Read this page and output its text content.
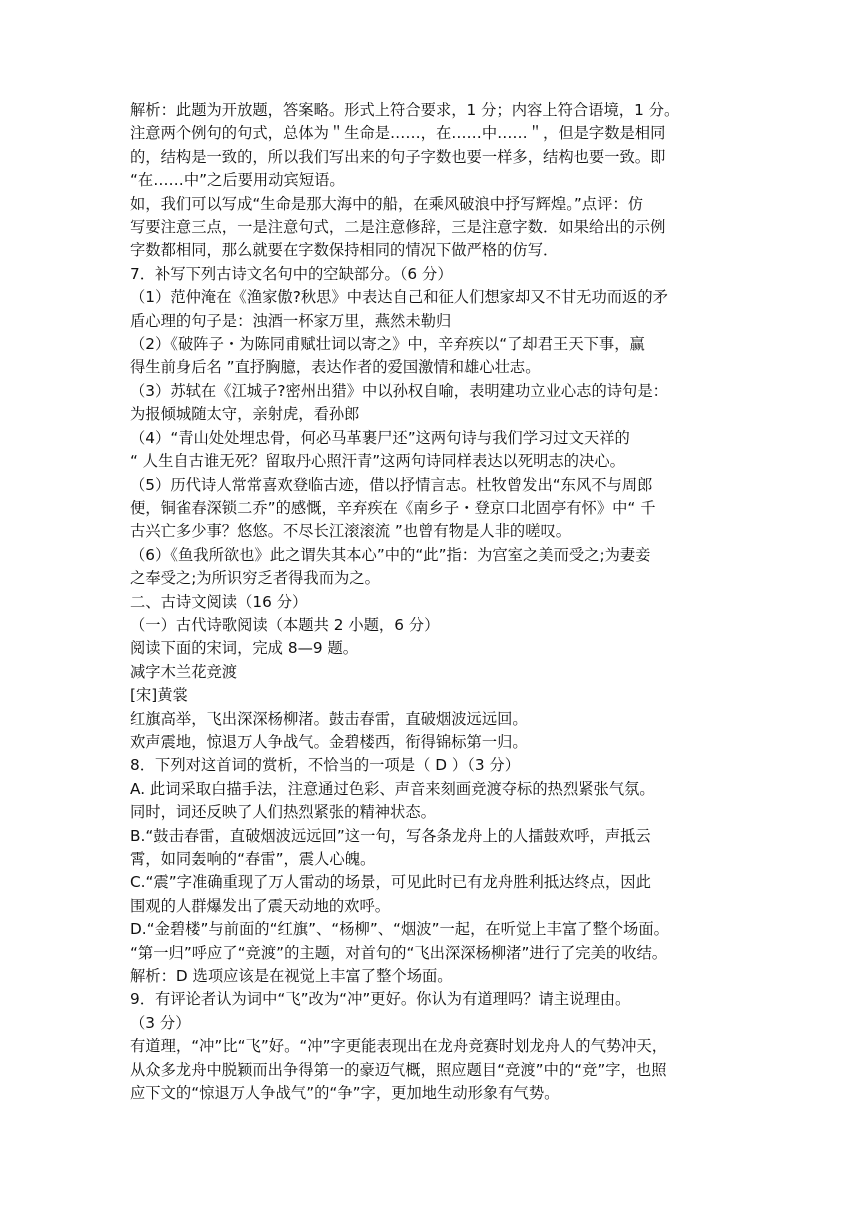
解析：此题为开放题，答案略。形式上符合要求，1 分；内容上符合语境，1 分。
注意两个例句的句式，总体为＂生命是……，在……中……＂，但是字数是相同
的，结构是一致的，所以我们写出来的句子字数也要一样多，结构也要一致。即
“在……中”之后要用动宾短语。
如，我们可以写成“生命是那大海中的船，在乘风破浪中抒写辉煌。”点评：仿
写要注意三点，一是注意句式，二是注意修辞，三是注意字数．如果给出的示例
字数都相同，那么就要在字数保持相同的情况下做严格的仿写．
7．补写下列古诗文名句中的空缺部分。（6 分）
（1）范仲淹在《渔家傲?秋思》中表达自己和征人们想家却又不甘无功而返的矛
盾心理的句子是：浊酒一杯家万里，燕然未勒归
（2）《破阵子・为陈同甫赋壮词以寄之》中，辛弃疾以“了却君王天下事，赢
得生前身后名 ”直抒胸臆，表达作者的爱国激情和雄心壮志。
（3）苏轼在《江城子?密州出猎》中以孙权自喻，表明建功立业心志的诗句是：
为报倾城随太守，亲射虎，看孙郎
（4）“青山处处埋忠骨，何必马革裹尸还”这两句诗与我们学习过文天祥的
“ 人生自古谁无死？留取丹心照汗青”这两句诗同样表达以死明志的决心。
（5）历代诗人常常喜欢登临古迹，借以抒情言志。杜牧曾发出“东风不与周郎
便，铜雀春深锁二乔”的感慨，辛弃疾在《南乡子・登京口北固亭有怀》中“ 千
古兴亡多少事？悠悠。不尽长江滚滚流 ”也曾有物是人非的嗟叹。
（6）《鱼我所欲也》此之谓失其本心”中的“此”指：为宫室之美而受之;为妻妾
之奉受之;为所识穷乏者得我而为之。
二、古诗文阅读（16 分）
（一）古代诗歌阅读（本题共 2 小题，6 分）
阅读下面的宋词，完成 8—9 题。
减字木兰花竞渡
[宋]黄裳
红旗高举，飞出深深杨柳渚。鼓击春雷，直破烟波远远回。
欢声震地，惊退万人争战气。金碧楼西，衔得锦标第一归。
8．下列对这首词的赏析，不恰当的一项是（ D ）（3 分）
A. 此词采取白描手法，注意通过色彩、声音来刻画竞渡夺标的热烈紧张气氛。
同时，词还反映了人们热烈紧张的精神状态。
B.“鼓击春雷，直破烟波远远回”这一句，写各条龙舟上的人擂鼓欢呼，声抵云
霄，如同轰响的“春雷”，震人心魄。
C.“震”字准确重现了万人雷动的场景，可见此时已有龙舟胜利抵达终点，因此
围观的人群爆发出了震天动地的欢呼。
D.“金碧楼”与前面的“红旗”、“杨柳”、“烟波”一起，在听觉上丰富了整个场面。
“第一归”呼应了“竞渡”的主题，对首句的“飞出深深杨柳渚”进行了完美的收结。
解析：D 选项应该是在视觉上丰富了整个场面。
9．有评论者认为词中“飞”改为“冲”更好。你认为有道理吗？请主说理由。
（3 分）
有道理，“冲”比“飞”好。“冲”字更能表现出在龙舟竞赛时划龙舟人的气势冲天，
从众多龙舟中脱颖而出争得第一的豪迈气概，照应题目“竞渡”中的“竞”字，也照
应下文的“惊退万人争战气”的“争”字，更加地生动形象有气势。
